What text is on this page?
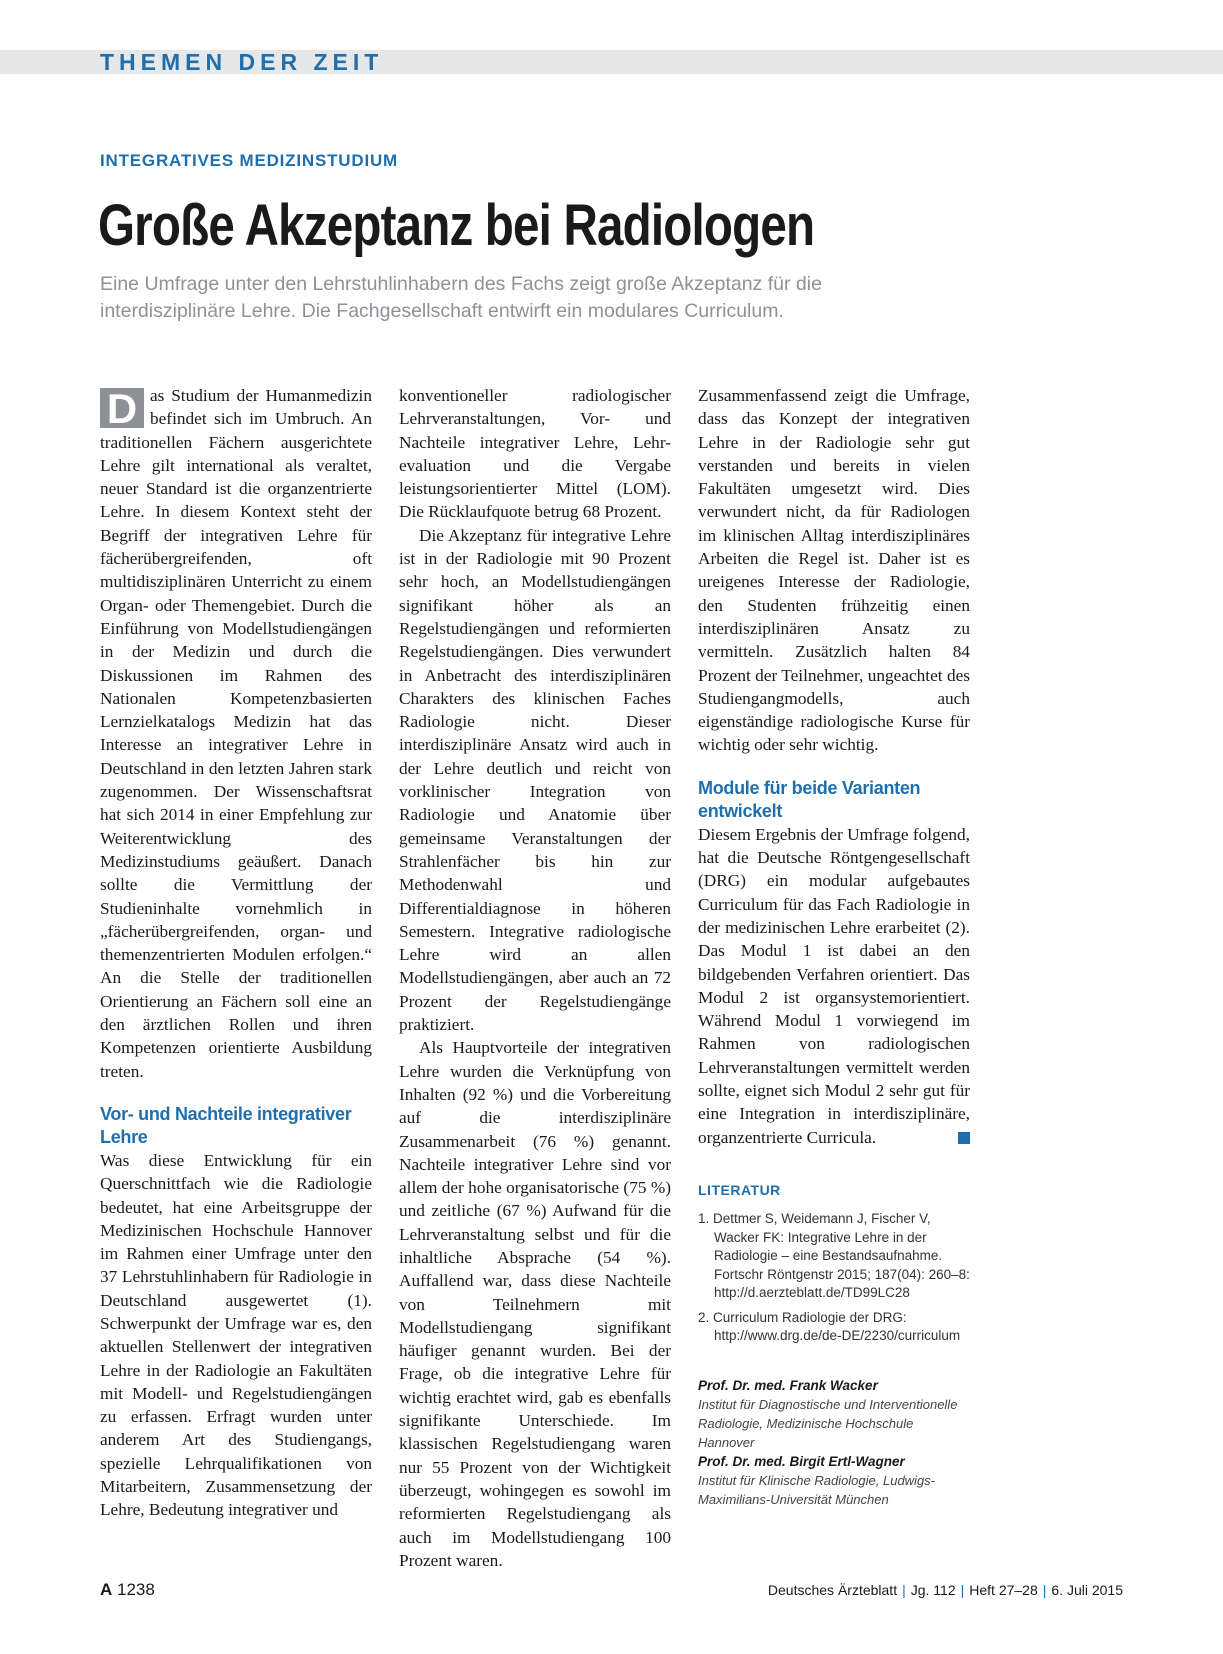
THEMEN DER ZEIT

INTEGRATIVES MEDIZINSTUDIUM

Große Akzeptanz bei Radiologen

Eine Umfrage unter den Lehrstuhlinhabern des Fachs zeigt große Akzeptanz für die interdisziplinäre Lehre. Die Fachgesellschaft entwirft ein modulares Curriculum.

D as Studium der Humanmedizin befindet sich im Umbruch. An traditionellen Fächern ausgerichtete Lehre gilt international als veraltet, neuer Standard ist die organzentrierte Lehre. In diesem Kontext steht der Begriff der integrativen Lehre für fächerübergreifenden, oft multidisziplinären Unterricht zu einem Organ- oder Themengebiet. Durch die Einführung von Modellstudiengängen in der Medizin und durch die Diskussionen im Rahmen des Nationalen Kompetenzbasierten Lernzielkatalogs Medizin hat das Interesse an integrativer Lehre in Deutschland in den letzten Jahren stark zugenommen. Der Wissenschaftsrat hat sich 2014 in einer Empfehlung zur Weiterentwicklung des Medizinstudiums geäußert. Danach sollte die Vermittlung der Studieninhalte vornehmlich in „fächerübergreifenden, organ- und themenzentrierten Modulen erfolgen.“ An die Stelle der traditionellen Orientierung an Fächern soll eine an den ärztlichen Rollen und ihren Kompetenzen orientierte Ausbildung treten.

Vor- und Nachteile integrativer Lehre

Was diese Entwicklung für ein Querschnittfach wie die Radiologie bedeutet, hat eine Arbeitsgruppe der Medizinischen Hochschule Hannover im Rahmen einer Umfrage unter den 37 Lehrstuhlinhabern für Radiologie in Deutschland ausgewertet (1). Schwerpunkt der Umfrage war es, den aktuellen Stellenwert der integrativen Lehre in der Radiologie an Fakultäten mit Modell- und Regelstudiengängen zu erfassen. Erfragt wurden unter anderem Art des Studiengangs, spezielle Lehrqualifikationen von Mitarbeitern, Zusammensetzung der Lehre, Bedeutung integrativer und

konventioneller radiologischer Lehrveranstaltungen, Vor- und Nachteile integrativer Lehre, Lehr-evaluation und die Vergabe leistungsorientierter Mittel (LOM). Die Rücklaufquote betrug 68 Prozent.

Die Akzeptanz für integrative Lehre ist in der Radiologie mit 90 Prozent sehr hoch, an Modellstudiengängen signifikant höher als an Regelstudiengängen und reformierten Regelstudiengängen. Dies verwundert in Anbetracht des interdisziplinären Charakters des klinischen Faches Radiologie nicht. Dieser interdisziplinäre Ansatz wird auch in der Lehre deutlich und reicht von vorklinischer Integration von Radiologie und Anatomie über gemeinsame Veranstaltungen der Strahlenfächer bis hin zur Methodenwahl und Differentialdiagnose in höheren Semestern. Integrative radiologische Lehre wird an allen Modellstudiengängen, aber auch an 72 Prozent der Regelstudiengänge praktiziert.

Als Hauptvorteile der integrativen Lehre wurden die Verknüpfung von Inhalten (92 %) und die Vorbereitung auf die interdisziplinäre Zusammenarbeit (76 %) genannt. Nachteile integrativer Lehre sind vor allem der hohe organisatorische (75 %) und zeitliche (67 %) Aufwand für die Lehrveranstaltung selbst und für die inhaltliche Absprache (54 %). Auffallend war, dass diese Nachteile von Teilnehmern mit Modellstudiengang signifikant häufiger genannt wurden. Bei der Frage, ob die integrative Lehre für wichtig erachtet wird, gab es ebenfalls signifikante Unterschiede. Im klassischen Regelstudiengang waren nur 55 Prozent von der Wichtigkeit überzeugt, wohingegen es sowohl im reformierten Regelstudiengang als auch im Modellstudiengang 100 Prozent waren.

Zusammenfassend zeigt die Umfrage, dass das Konzept der integrativen Lehre in der Radiologie sehr gut verstanden und bereits in vielen Fakultäten umgesetzt wird. Dies verwundert nicht, da für Radiologen im klinischen Alltag interdisziplinäres Arbeiten die Regel ist. Daher ist es ureigenes Interesse der Radiologie, den Studenten frühzeitig einen interdisziplinären Ansatz zu vermitteln. Zusätzlich halten 84 Prozent der Teilnehmer, ungeachtet des Studiengangmodells, auch eigenständige radiologische Kurse für wichtig oder sehr wichtig.

Module für beide Varianten entwickelt

Diesem Ergebnis der Umfrage folgend, hat die Deutsche Röntgengesellschaft (DRG) ein modular aufgebautes Curriculum für das Fach Radiologie in der medizinischen Lehre erarbeitet (2). Das Modul 1 ist dabei an den bildgebenden Verfahren orientiert. Das Modul 2 ist organsystemorientiert. Während Modul 1 vorwiegend im Rahmen von radiologischen Lehrveranstaltungen vermittelt werden sollte, eignet sich Modul 2 sehr gut für eine Integration in interdisziplinäre, organzentrierte Curricula.

LITERATUR
1. Dettmer S, Weidemann J, Fischer V, Wacker FK: Integrative Lehre in der Radiologie – eine Bestandsaufnahme. Fortschr Röntgenstr 2015; 187(04): 260–8: http://d.aerzteblatt.de/TD99LC28
2. Curriculum Radiologie der DRG: http://www.drg.de/de-DE/2230/curriculum

Prof. Dr. med. Frank Wacker

Institut für Diagnostische und Interventionelle Radiologie, Medizinische Hochschule Hannover

Prof. Dr. med. Birgit Ertl-Wagner

Institut für Klinische Radiologie, Ludwigs-Maximilians-Universität München

A 1238	Deutsches Ärzteblatt | Jg. 112 | Heft 27–28 | 6. Juli 2015
